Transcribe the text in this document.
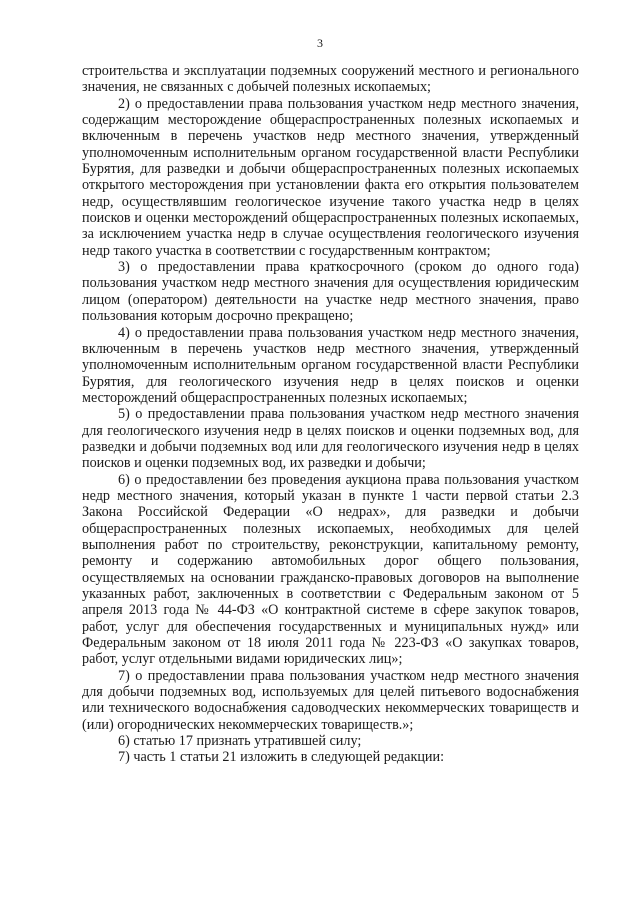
3

строительства и эксплуатации подземных сооружений местного и регионального значения, не связанных с добычей полезных ископаемых;

2) о предоставлении права пользования участком недр местного значения, содержащим месторождение общераспространенных полезных ископаемых и включенным в перечень участков недр местного значения, утвержденный уполномоченным исполнительным органом государственной власти Республики Бурятия, для разведки и добычи общераспространенных полезных ископаемых открытого месторождения при установлении факта его открытия пользователем недр, осуществлявшим геологическое изучение такого участка недр в целях поисков и оценки месторождений общераспространенных полезных ископаемых, за исключением участка недр в случае осуществления геологического изучения недр такого участка в соответствии с государственным контрактом;

3) о предоставлении права краткосрочного (сроком до одного года) пользования участком недр местного значения для осуществления юридическим лицом (оператором) деятельности на участке недр местного значения, право пользования которым досрочно прекращено;

4) о предоставлении права пользования участком недр местного значения, включенным в перечень участков недр местного значения, утвержденный уполномоченным исполнительным органом государственной власти Республики Бурятия, для геологического изучения недр в целях поисков и оценки месторождений общераспространенных полезных ископаемых;

5) о предоставлении права пользования участком недр местного значения для геологического изучения недр в целях поисков и оценки подземных вод, для разведки и добычи подземных вод или для геологического изучения недр в целях поисков и оценки подземных вод, их разведки и добычи;

6) о предоставлении без проведения аукциона права пользования участком недр местного значения, который указан в пункте 1 части первой статьи 2.3 Закона Российской Федерации «О недрах», для разведки и добычи общераспространенных полезных ископаемых, необходимых для целей выполнения работ по строительству, реконструкции, капитальному ремонту, ремонту и содержанию автомобильных дорог общего пользования, осуществляемых на основании гражданско-правовых договоров на выполнение указанных работ, заключенных в соответствии с Федеральным законом от 5 апреля 2013 года № 44-ФЗ «О контрактной системе в сфере закупок товаров, работ, услуг для обеспечения государственных и муниципальных нужд» или Федеральным законом от 18 июля 2011 года № 223-ФЗ «О закупках товаров, работ, услуг отдельными видами юридических лиц»;

7) о предоставлении права пользования участком недр местного значения для добычи подземных вод, используемых для целей питьевого водоснабжения или технического водоснабжения садоводческих некоммерческих товариществ и (или) огороднических некоммерческих товариществ.»;

6) статью 17 признать утратившей силу;

7) часть 1 статьи 21 изложить в следующей редакции:
